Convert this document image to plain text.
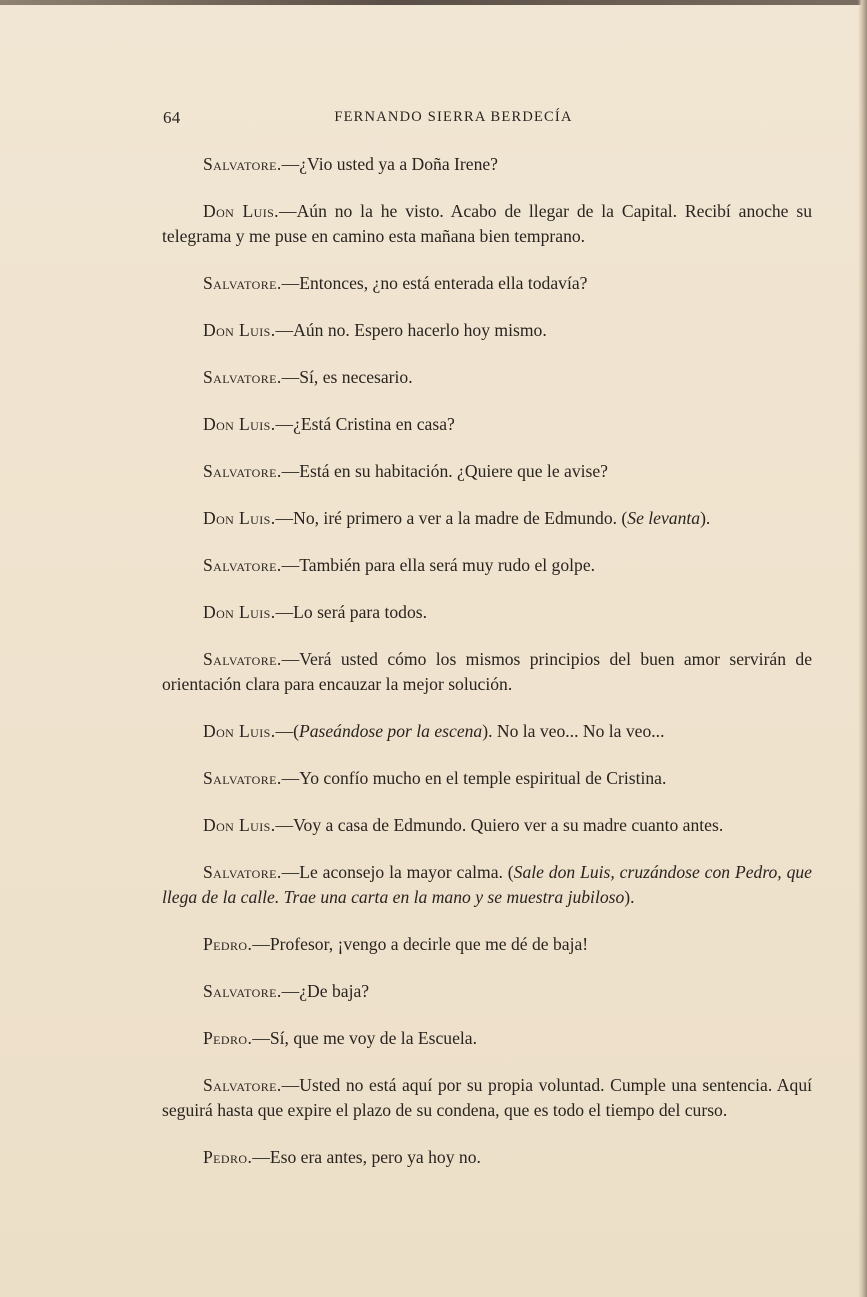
64	FERNANDO SIERRA BERDECÍA

Salvatore.—¿Vio usted ya a Doña Irene?

Don Luis.—Aún no la he visto. Acabo de llegar de la Capital. Recibí anoche su telegrama y me puse en camino esta mañana bien temprano.

Salvatore.—Entonces, ¿no está enterada ella todavía?

Don Luis.—Aún no. Espero hacerlo hoy mismo.

Salvatore.—Sí, es necesario.

Don Luis.—¿Está Cristina en casa?

Salvatore.—Está en su habitación. ¿Quiere que le avise?

Don Luis.—No, iré primero a ver a la madre de Edmundo. (Se levanta).

Salvatore.—También para ella será muy rudo el golpe.

Don Luis.—Lo será para todos.

Salvatore.—Verá usted cómo los mismos principios del buen amor servirán de orientación clara para encauzar la mejor solución.

Don Luis.—(Paseándose por la escena). No la veo... No la veo...

Salvatore.—Yo confío mucho en el temple espiritual de Cristina.

Don Luis.—Voy a casa de Edmundo. Quiero ver a su madre cuanto antes.

Salvatore.—Le aconsejo la mayor calma. (Sale don Luis, cruzándose con Pedro, que llega de la calle. Trae una carta en la mano y se muestra jubiloso).

Pedro.—Profesor, ¡vengo a decirle que me dé de baja!

Salvatore.—¿De baja?

Pedro.—Sí, que me voy de la Escuela.

Salvatore.—Usted no está aquí por su propia voluntad. Cumple una sentencia. Aquí seguirá hasta que expire el plazo de su condena, que es todo el tiempo del curso.

Pedro.—Eso era antes, pero ya hoy no.
